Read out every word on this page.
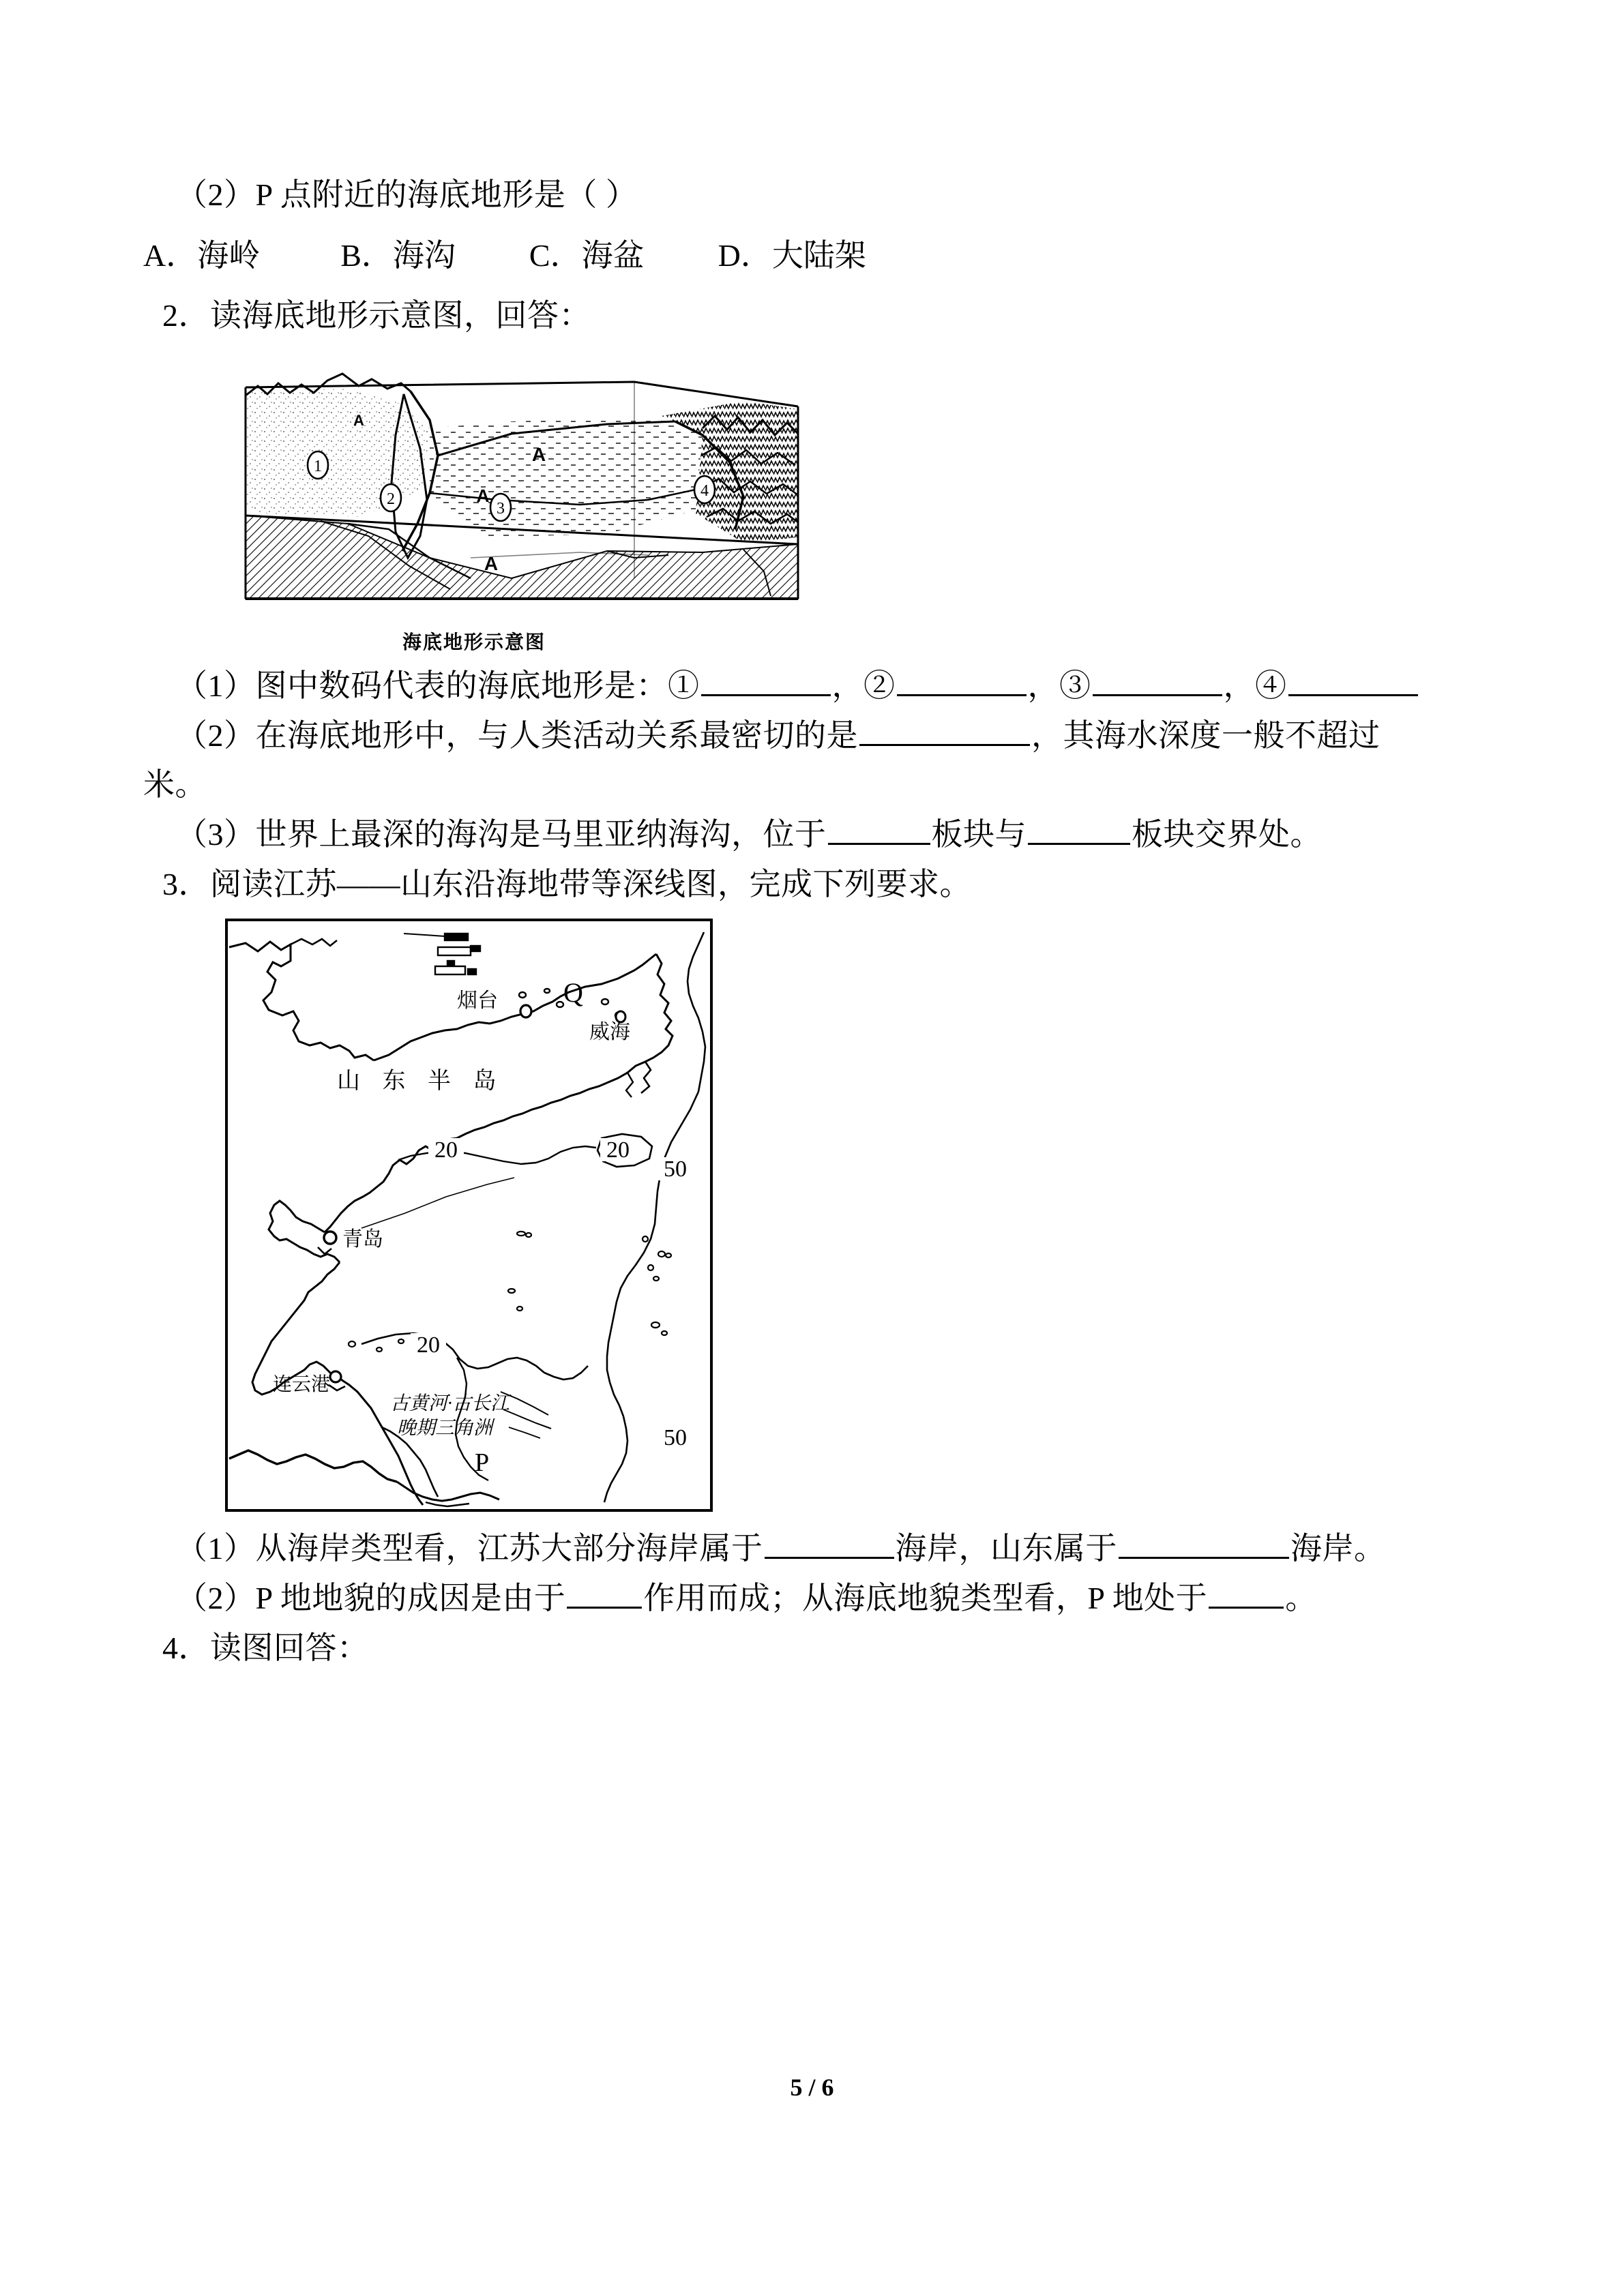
（2）P 点附近的海底地形是（ ）
A．海岭	B．海沟 C．海盆 D．大陆架
2．读海底地形示意图，回答：
1
2
3
4
A
A
A
A
海底地形示意图
（1）图中数码代表的海底地形是：①	，②	，③	，④
（2）在海底地形中，与人类活动关系最密切的是	，其海水深度一般不超过
米。
（3）世界上最深的海沟是马里亚纳海沟，位于	板块与	板块交界处。
3．阅读江苏——山东沿海地带等深线图，完成下列要求。
烟台
威海
山 东 半 岛
青岛
连云港
Q
P
古黄河·古长江
晚期三角洲
20	20
50
20
50
（1）从海岸类型看，江苏大部分海岸属于	海岸，山东属于	海岸。
（2）P 地地貌的成因是由于 作用而成；从海底地貌类型看，P 地处于 。
4．读图回答：
5 / 6
